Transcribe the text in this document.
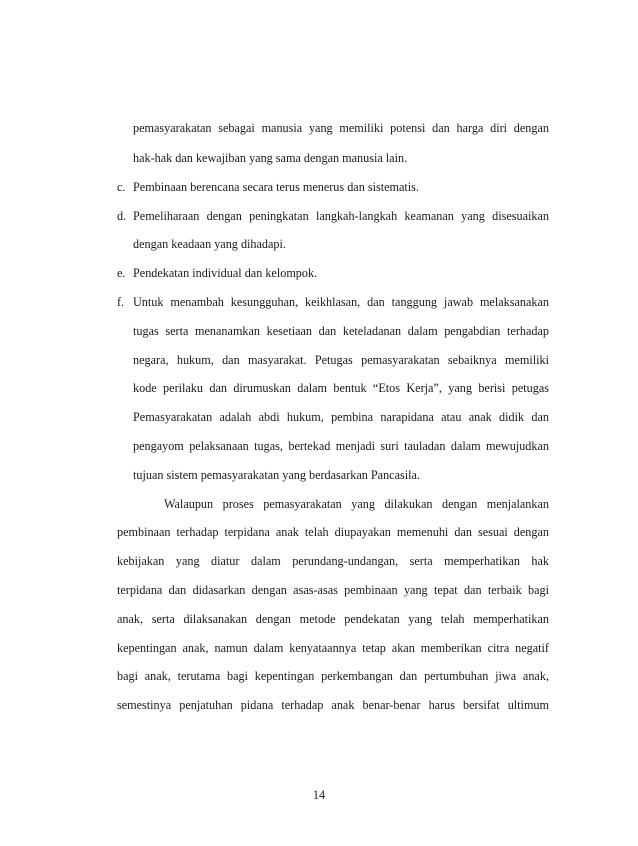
pemasyarakatan sebagai manusia yang memiliki potensi dan harga diri dengan
hak-hak dan kewajiban yang sama dengan manusia lain.
c. Pembinaan berencana secara terus menerus dan sistematis.
d. Pemeliharaan dengan peningkatan langkah-langkah keamanan yang disesuaikan
dengan keadaan yang dihadapi.
e. Pendekatan individual dan kelompok.
f. Untuk menambah kesungguhan, keikhlasan, dan tanggung jawab melaksanakan
tugas serta menanamkan kesetiaan dan keteladanan dalam pengabdian terhadap
negara, hukum, dan masyarakat. Petugas pemasyarakatan sebaiknya memiliki
kode perilaku dan dirumuskan dalam bentuk “Etos Kerja”, yang berisi petugas
Pemasyarakatan adalah abdi hukum, pembina narapidana atau anak didik dan
pengayom pelaksanaan tugas, bertekad menjadi suri tauladan dalam mewujudkan
tujuan sistem pemasyarakatan yang berdasarkan Pancasila.
Walaupun proses pemasyarakatan yang dilakukan dengan menjalankan
pembinaan terhadap terpidana anak telah diupayakan memenuhi dan sesuai dengan
kebijakan yang diatur dalam perundang-undangan, serta memperhatikan hak
terpidana dan didasarkan dengan asas-asas pembinaan yang tepat dan terbaik bagi
anak, serta dilaksanakan dengan metode pendekatan yang telah memperhatikan
kepentingan anak, namun dalam kenyataannya tetap akan memberikan citra negatif
bagi anak, terutama bagi kepentingan perkembangan dan pertumbuhan jiwa anak,
semestinya penjatuhan pidana terhadap anak benar-benar harus bersifat ultimum
14
